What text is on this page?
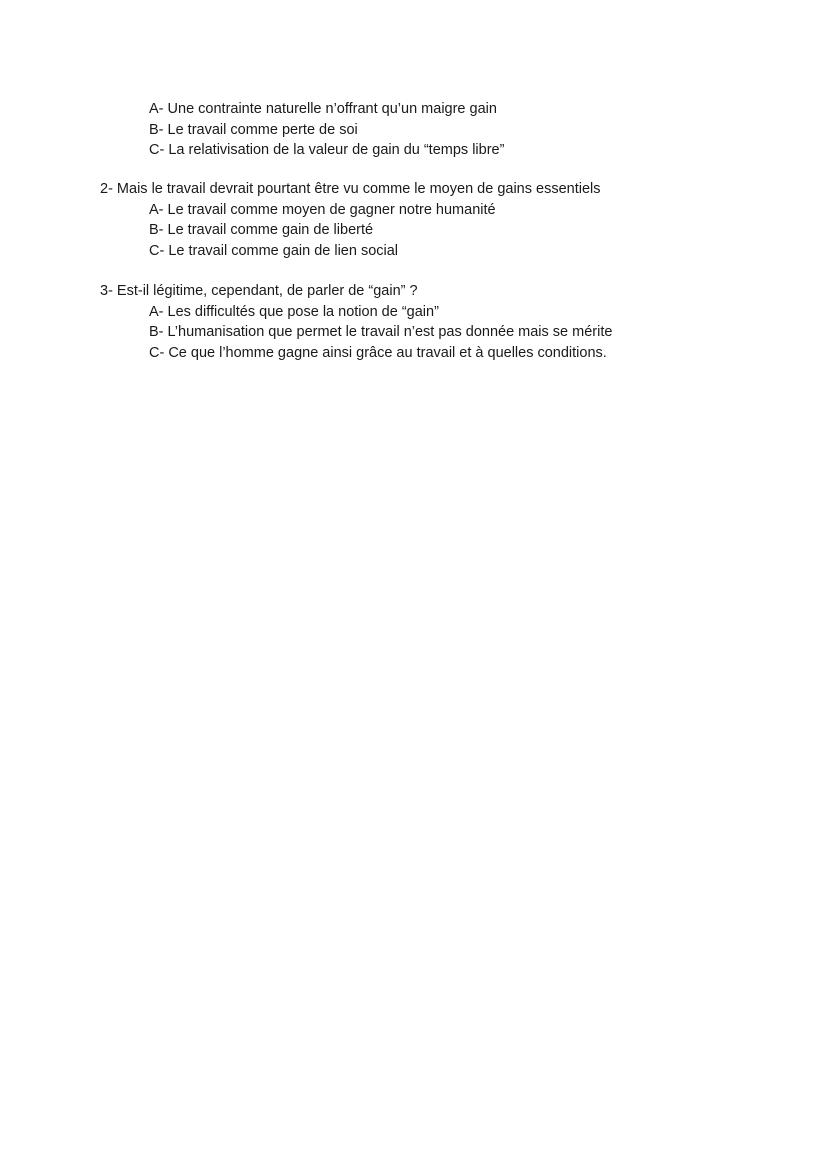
A- Une contrainte naturelle n’offrant qu’un maigre gain
B- Le travail comme perte de soi
C- La relativisation de la valeur de gain du “temps libre”
2- Mais le travail devrait pourtant être vu comme le moyen de gains essentiels
A- Le travail comme moyen de gagner notre humanité
B- Le travail comme gain de liberté
C- Le travail comme gain de lien social
3- Est-il légitime, cependant, de parler de “gain” ?
A- Les difficultés que pose la notion de “gain”
B- L’humanisation que permet le travail n’est pas donnée mais se mérite
C- Ce que l’homme gagne ainsi grâce au travail et à quelles conditions.
